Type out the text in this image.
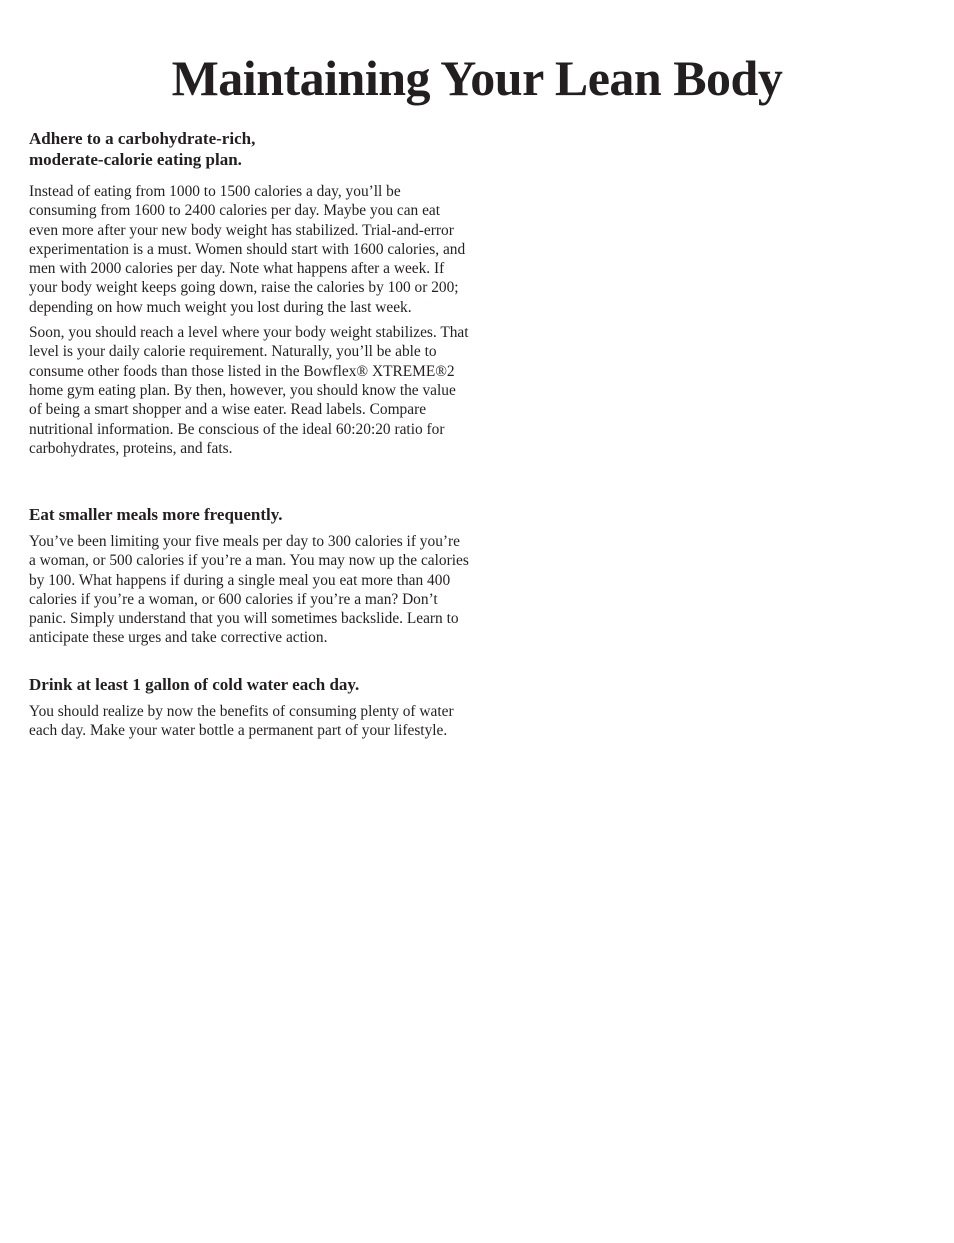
Maintaining Your Lean Body
Adhere to a carbohydrate-rich,
moderate-calorie eating plan.

Instead of eating from 1000 to 1500 calories a day, you’ll be consuming from 1600 to 2400 calories per day. Maybe you can eat even more after your new body weight has stabilized. Trial-and-error experimentation is a must. Women should start with 1600 calories, and men with 2000 calories per day. Note what happens after a week. If your body weight keeps going down, raise the calories by 100 or 200; depending on how much weight you lost during the last week.

Soon, you should reach a level where your body weight stabilizes. That level is your daily calorie requirement. Naturally, you’ll be able to consume other foods than those listed in the Bowflex® XTREME®2 home gym eating plan. By then, however, you should know the value of being a smart shopper and a wise eater. Read labels. Compare nutritional information. Be conscious of the ideal 60:20:20 ratio for carbohydrates, proteins, and fats.

Eat smaller meals more frequently.

You’ve been limiting your five meals per day to 300 calories if you’re a woman, or 500 calories if you’re a man. You may now up the calories by 100. What happens if during a single meal you eat more than 400 calories if you’re a woman, or 600 calories if you’re a man? Don’t panic. Simply understand that you will sometimes backslide. Learn to anticipate these urges and take corrective action.

Drink at least 1 gallon of cold water each day.

You should realize by now the benefits of consuming plenty of water each day. Make your water bottle a permanent part of your lifestyle.
